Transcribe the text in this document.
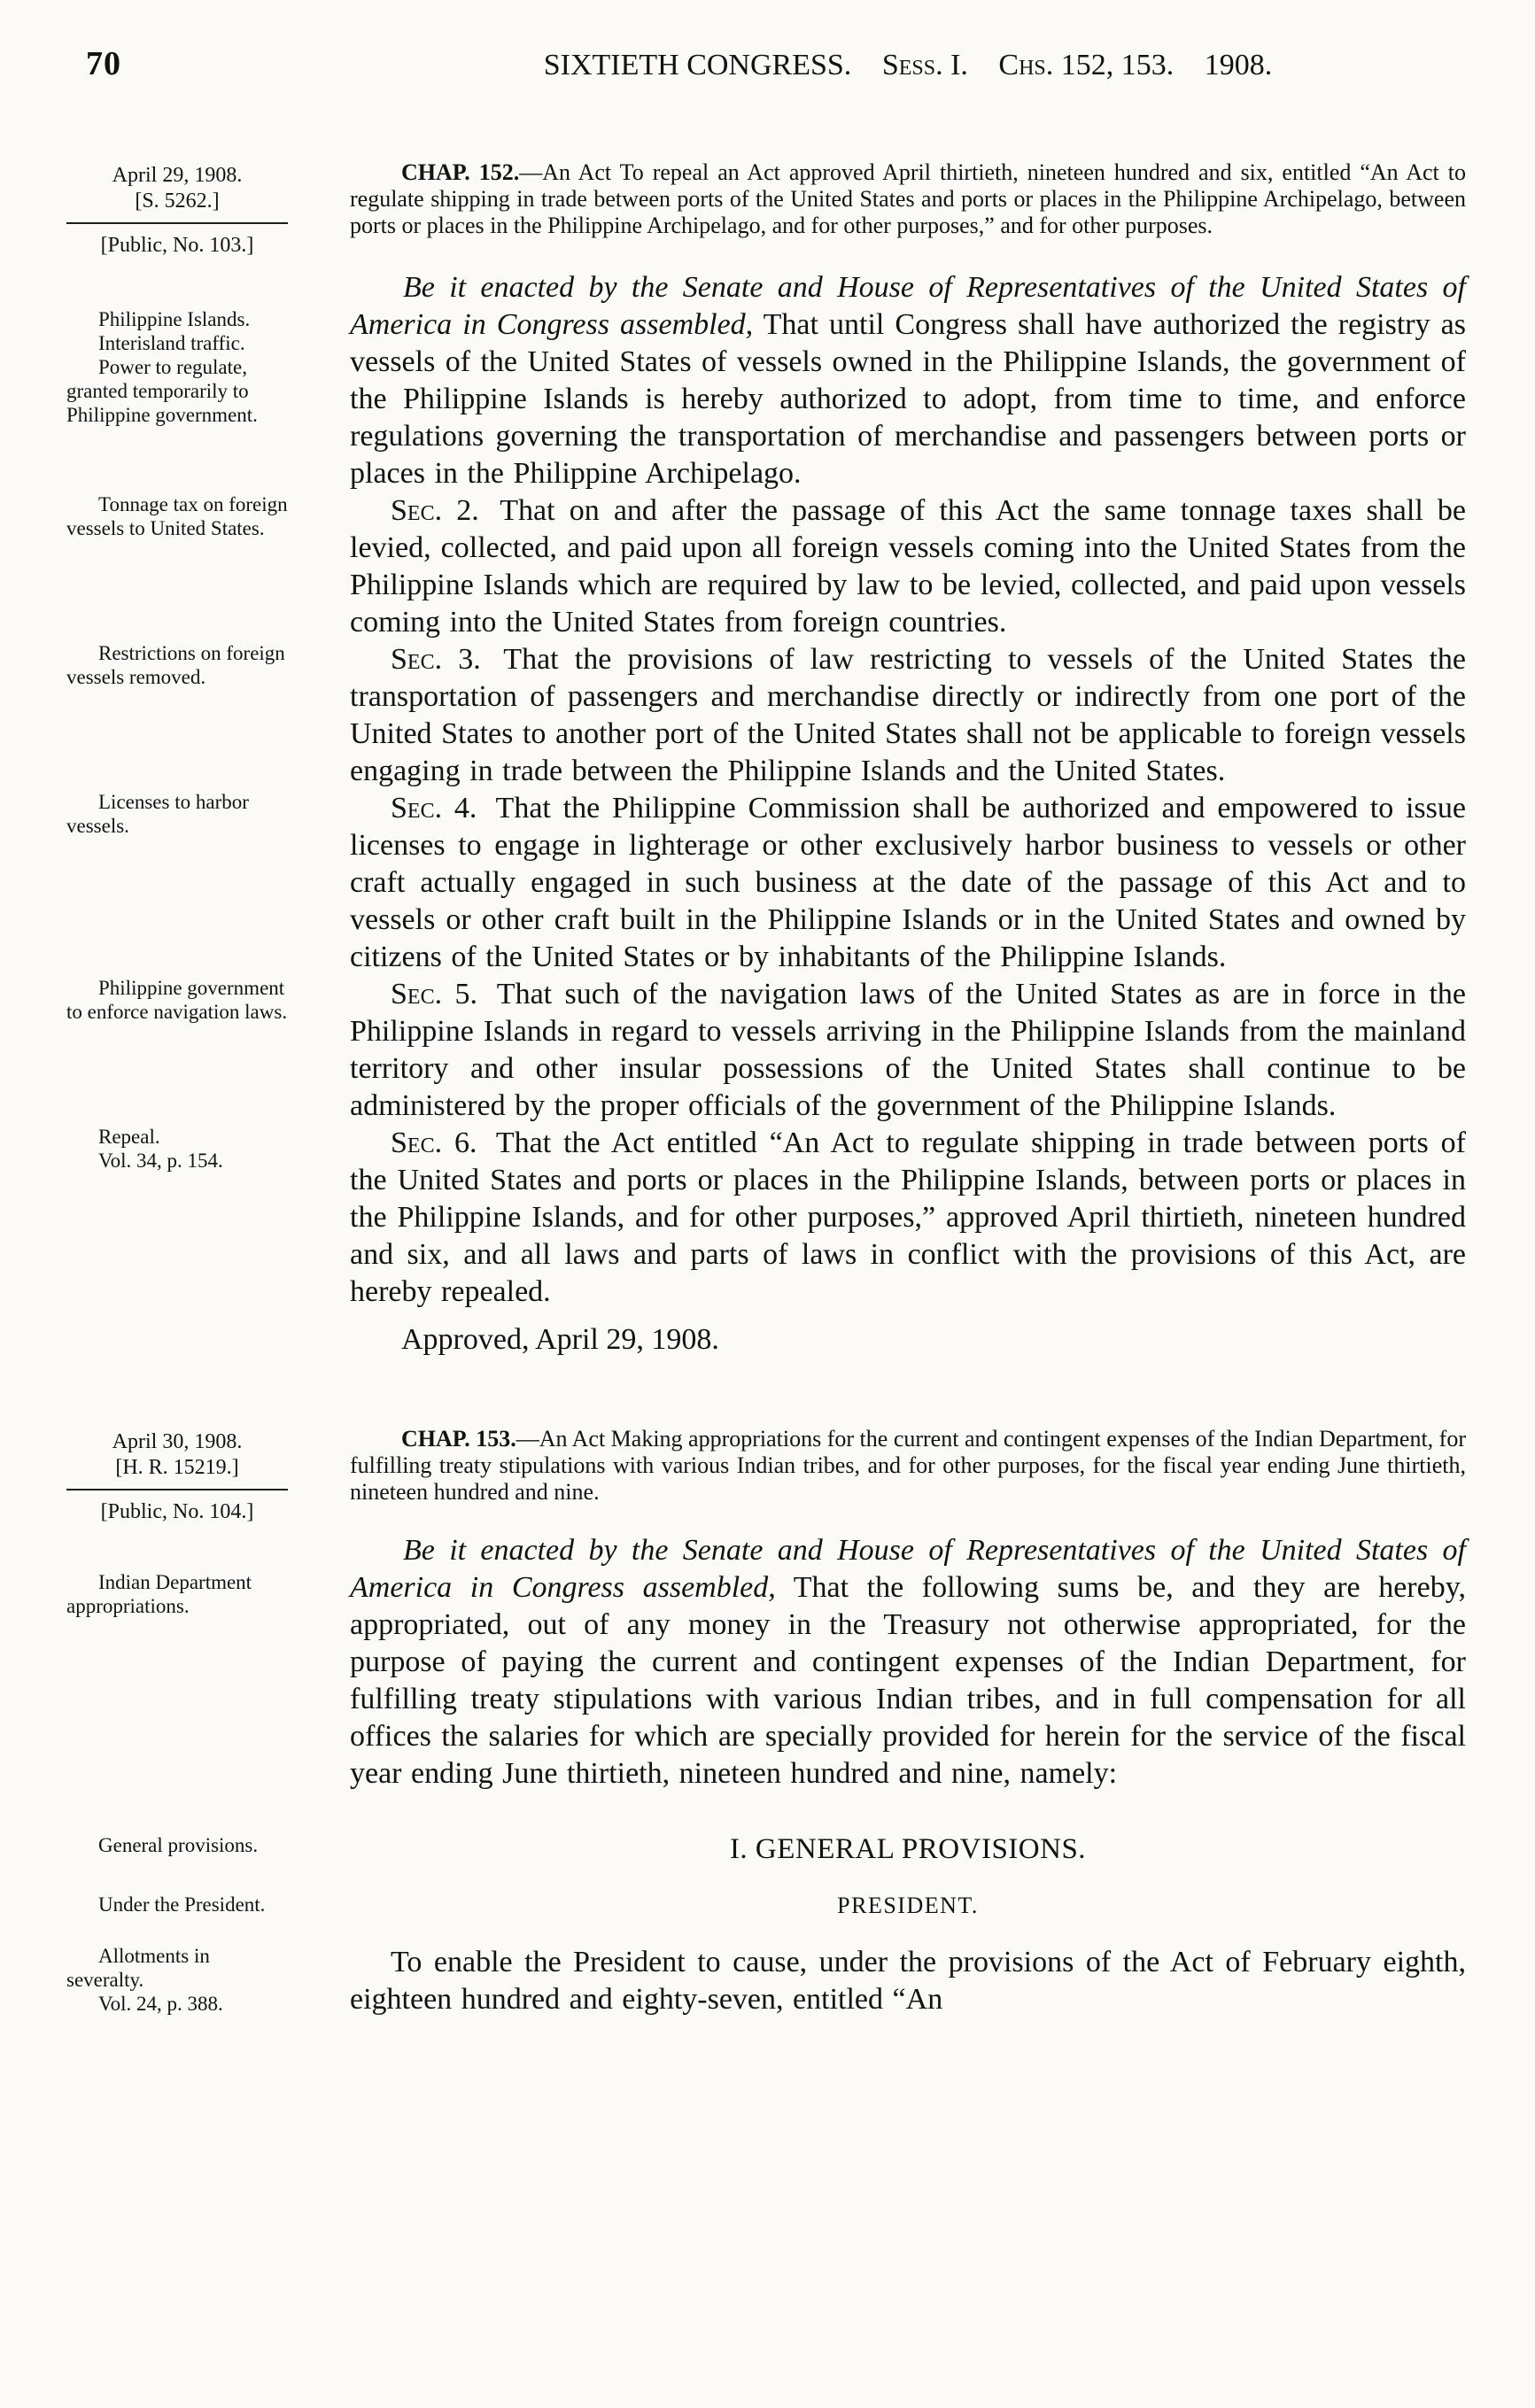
70	SIXTIETH CONGRESS. Sess. I. Chs. 152, 153. 1908.
April 29, 1908.
[S. 5262.]
[Public, No. 103.]

CHAP. 152.—An Act To repeal an Act approved April thirtieth, nineteen hundred and six, entitled “An Act to regulate shipping in trade between ports of the United States and ports or places in the Philippine Archipelago, between ports or places in the Philippine Archipelago, and for other purposes,” and for other purposes.

Philippine Islands.

Interisland traffic.

Power to regulate, granted temporarily to Philippine government.

Be it enacted by the Senate and House of Representatives of the United States of America in Congress assembled, That until Congress shall have authorized the registry as vessels of the United States of vessels owned in the Philippine Islands, the government of the Philippine Islands is hereby authorized to adopt, from time to time, and enforce regulations governing the transportation of merchandise and passengers between ports or places in the Philippine Archipelago.

Tonnage tax on foreign vessels to United States.

Sec. 2. That on and after the passage of this Act the same tonnage taxes shall be levied, collected, and paid upon all foreign vessels coming into the United States from the Philippine Islands which are required by law to be levied, collected, and paid upon vessels coming into the United States from foreign countries.

Restrictions on foreign vessels removed.

Sec. 3. That the provisions of law restricting to vessels of the United States the transportation of passengers and merchandise directly or indirectly from one port of the United States to another port of the United States shall not be applicable to foreign vessels engaging in trade between the Philippine Islands and the United States.

Licenses to harbor vessels.

Sec. 4. That the Philippine Commission shall be authorized and empowered to issue licenses to engage in lighterage or other exclusively harbor business to vessels or other craft actually engaged in such business at the date of the passage of this Act and to vessels or other craft built in the Philippine Islands or in the United States and owned by citizens of the United States or by inhabitants of the Philippine Islands.

Philippine government to enforce navigation laws.

Sec. 5. That such of the navigation laws of the United States as are in force in the Philippine Islands in regard to vessels arriving in the Philippine Islands from the mainland territory and other insular possessions of the United States shall continue to be administered by the proper officials of the government of the Philippine Islands.

Repeal.

Vol. 34, p. 154.

Sec. 6. That the Act entitled “An Act to regulate shipping in trade between ports of the United States and ports or places in the Philippine Islands, between ports or places in the Philippine Islands, and for other purposes,” approved April thirtieth, nineteen hundred and six, and all laws and parts of laws in conflict with the provisions of this Act, are hereby repealed.

Approved, April 29, 1908.

April 30, 1908.
[H. R. 15219.]
[Public, No. 104.]

CHAP. 153.—An Act Making appropriations for the current and contingent expenses of the Indian Department, for fulfilling treaty stipulations with various Indian tribes, and for other purposes, for the fiscal year ending June thirtieth, nineteen hundred and nine.

Indian Department appropriations.

Be it enacted by the Senate and House of Representatives of the United States of America in Congress assembled, That the following sums be, and they are hereby, appropriated, out of any money in the Treasury not otherwise appropriated, for the purpose of paying the current and contingent expenses of the Indian Department, for fulfilling treaty stipulations with various Indian tribes, and in full compensation for all offices the salaries for which are specially provided for herein for the service of the fiscal year ending June thirtieth, nineteen hundred and nine, namely:

General provisions.	I. GENERAL PROVISIONS.

Under the President.	PRESIDENT.

Allotments in severalty.

Vol. 24, p. 388.

To enable the President to cause, under the provisions of the Act of February eighth, eighteen hundred and eighty-seven, entitled “An
